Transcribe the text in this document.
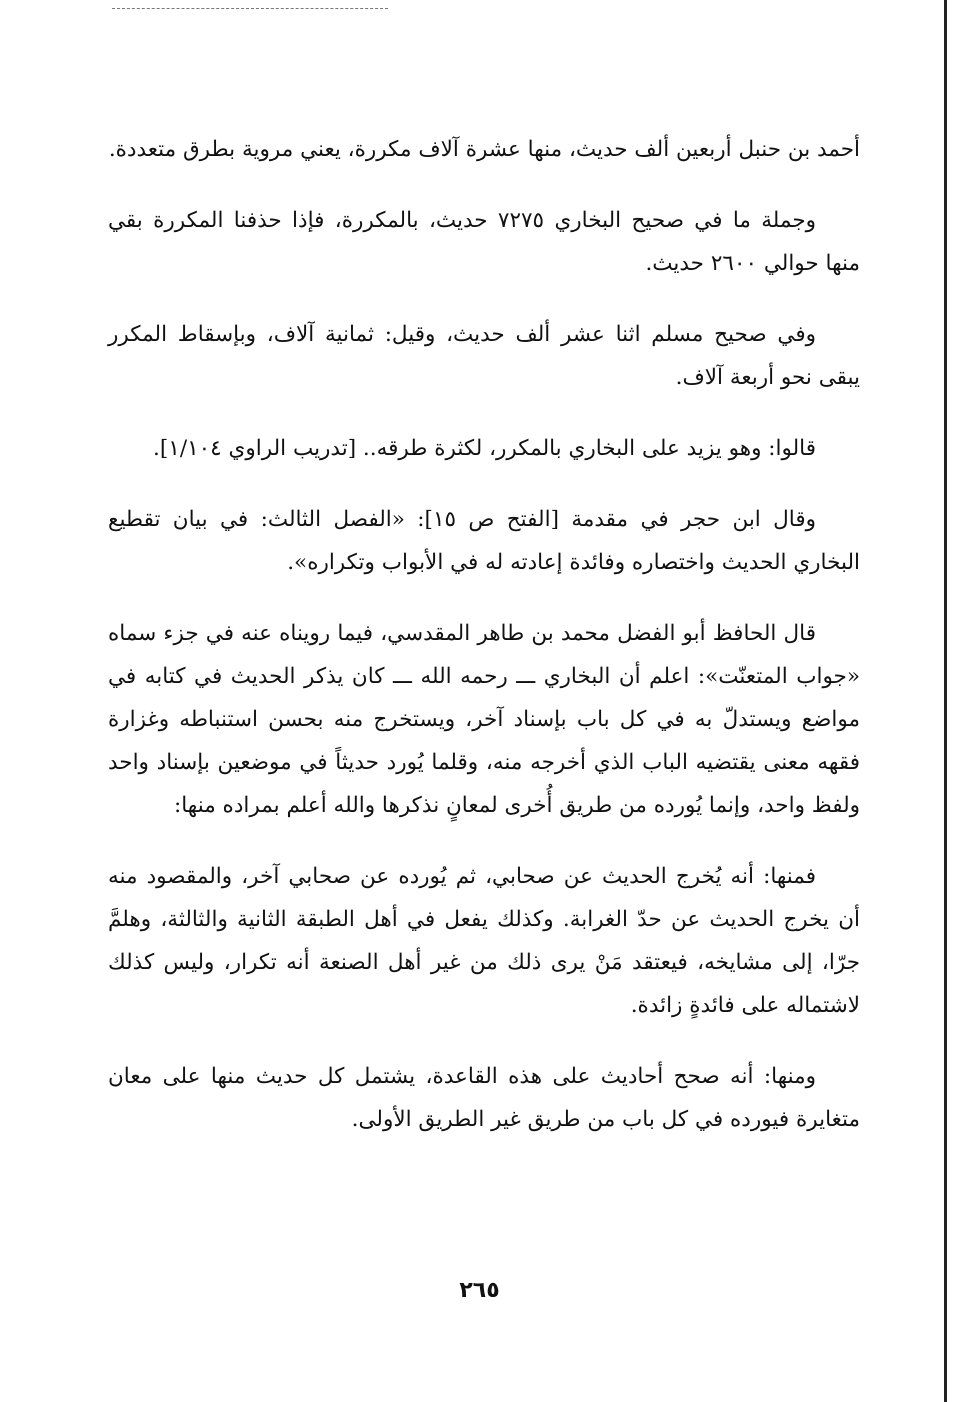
أحمد بن حنبل أربعين ألف حديث، منها عشرة آلاف مكررة، يعني مروية بطرق متعددة.

وجملة ما في صحيح البخاري ٧٢٧٥ حديث، بالمكررة، فإذا حذفنا المكررة بقي منها حوالي ٢٦٠٠ حديث.

وفي صحيح مسلم اثنا عشر ألف حديث، وقيل: ثمانية آلاف، وبإسقاط المكرر يبقى نحو أربعة آلاف.

قالوا: وهو يزيد على البخاري بالمكرر، لكثرة طرقه.. [تدريب الراوي ١/١٠٤].

وقال ابن حجر في مقدمة [الفتح ص ١٥]: «الفصل الثالث: في بيان تقطيع البخاري الحديث واختصاره وفائدة إعادته له في الأبواب وتكراره».

قال الحافظ أبو الفضل محمد بن طاهر المقدسي، فيما رويناه عنه في جزء سماه «جواب المتعنّت»: اعلم أن البخاري ـــ رحمه الله ـــ كان يذكر الحديث في كتابه في مواضع ويستدلّ به في كل باب بإسناد آخر، ويستخرج منه بحسن استنباطه وغزارة فقهه معنى يقتضيه الباب الذي أخرجه منه، وقلما يُورد حديثاً في موضعين بإسناد واحد ولفظ واحد، وإنما يُورده من طريق أُخرى لمعانٍ نذكرها والله أعلم بمراده منها:

فمنها: أنه يُخرج الحديث عن صحابي، ثم يُورده عن صحابي آخر، والمقصود منه أن يخرج الحديث عن حدّ الغرابة. وكذلك يفعل في أهل الطبقة الثانية والثالثة، وهلمَّ جرّا، إلى مشايخه، فيعتقد مَنْ يرى ذلك من غير أهل الصنعة أنه تكرار، وليس كذلك لاشتماله على فائدةٍ زائدة.

ومنها: أنه صحح أحاديث على هذه القاعدة، يشتمل كل حديث منها على معان متغايرة فيورده في كل باب من طريق غير الطريق الأولى.

٢٦٥
